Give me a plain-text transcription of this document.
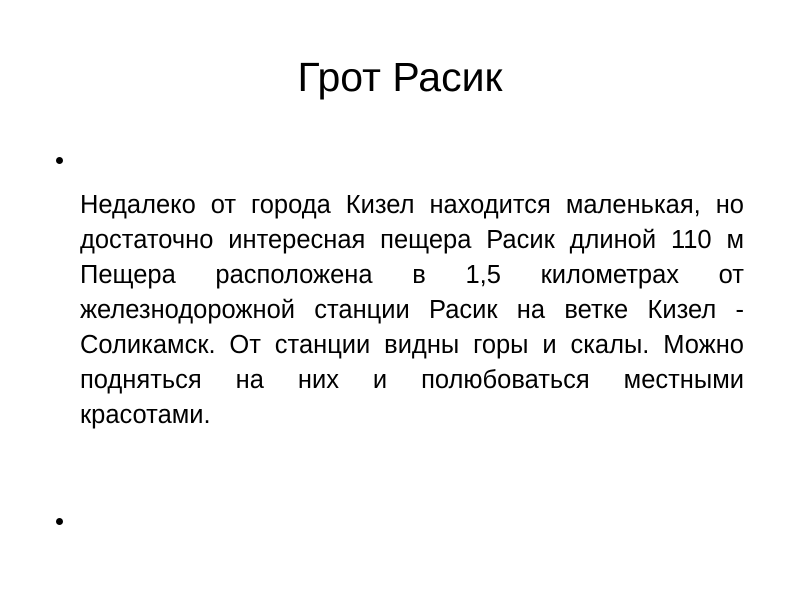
Грот Расик

Недалеко от города Кизел находится маленькая, но достаточно интересная пещера Расик длиной 110 м Пещера расположена в 1,5 километрах от железнодорожной станции Расик на ветке Кизел - Соликамск. От станции видны горы и скалы. Можно подняться на них и полюбоваться местными красотами.
